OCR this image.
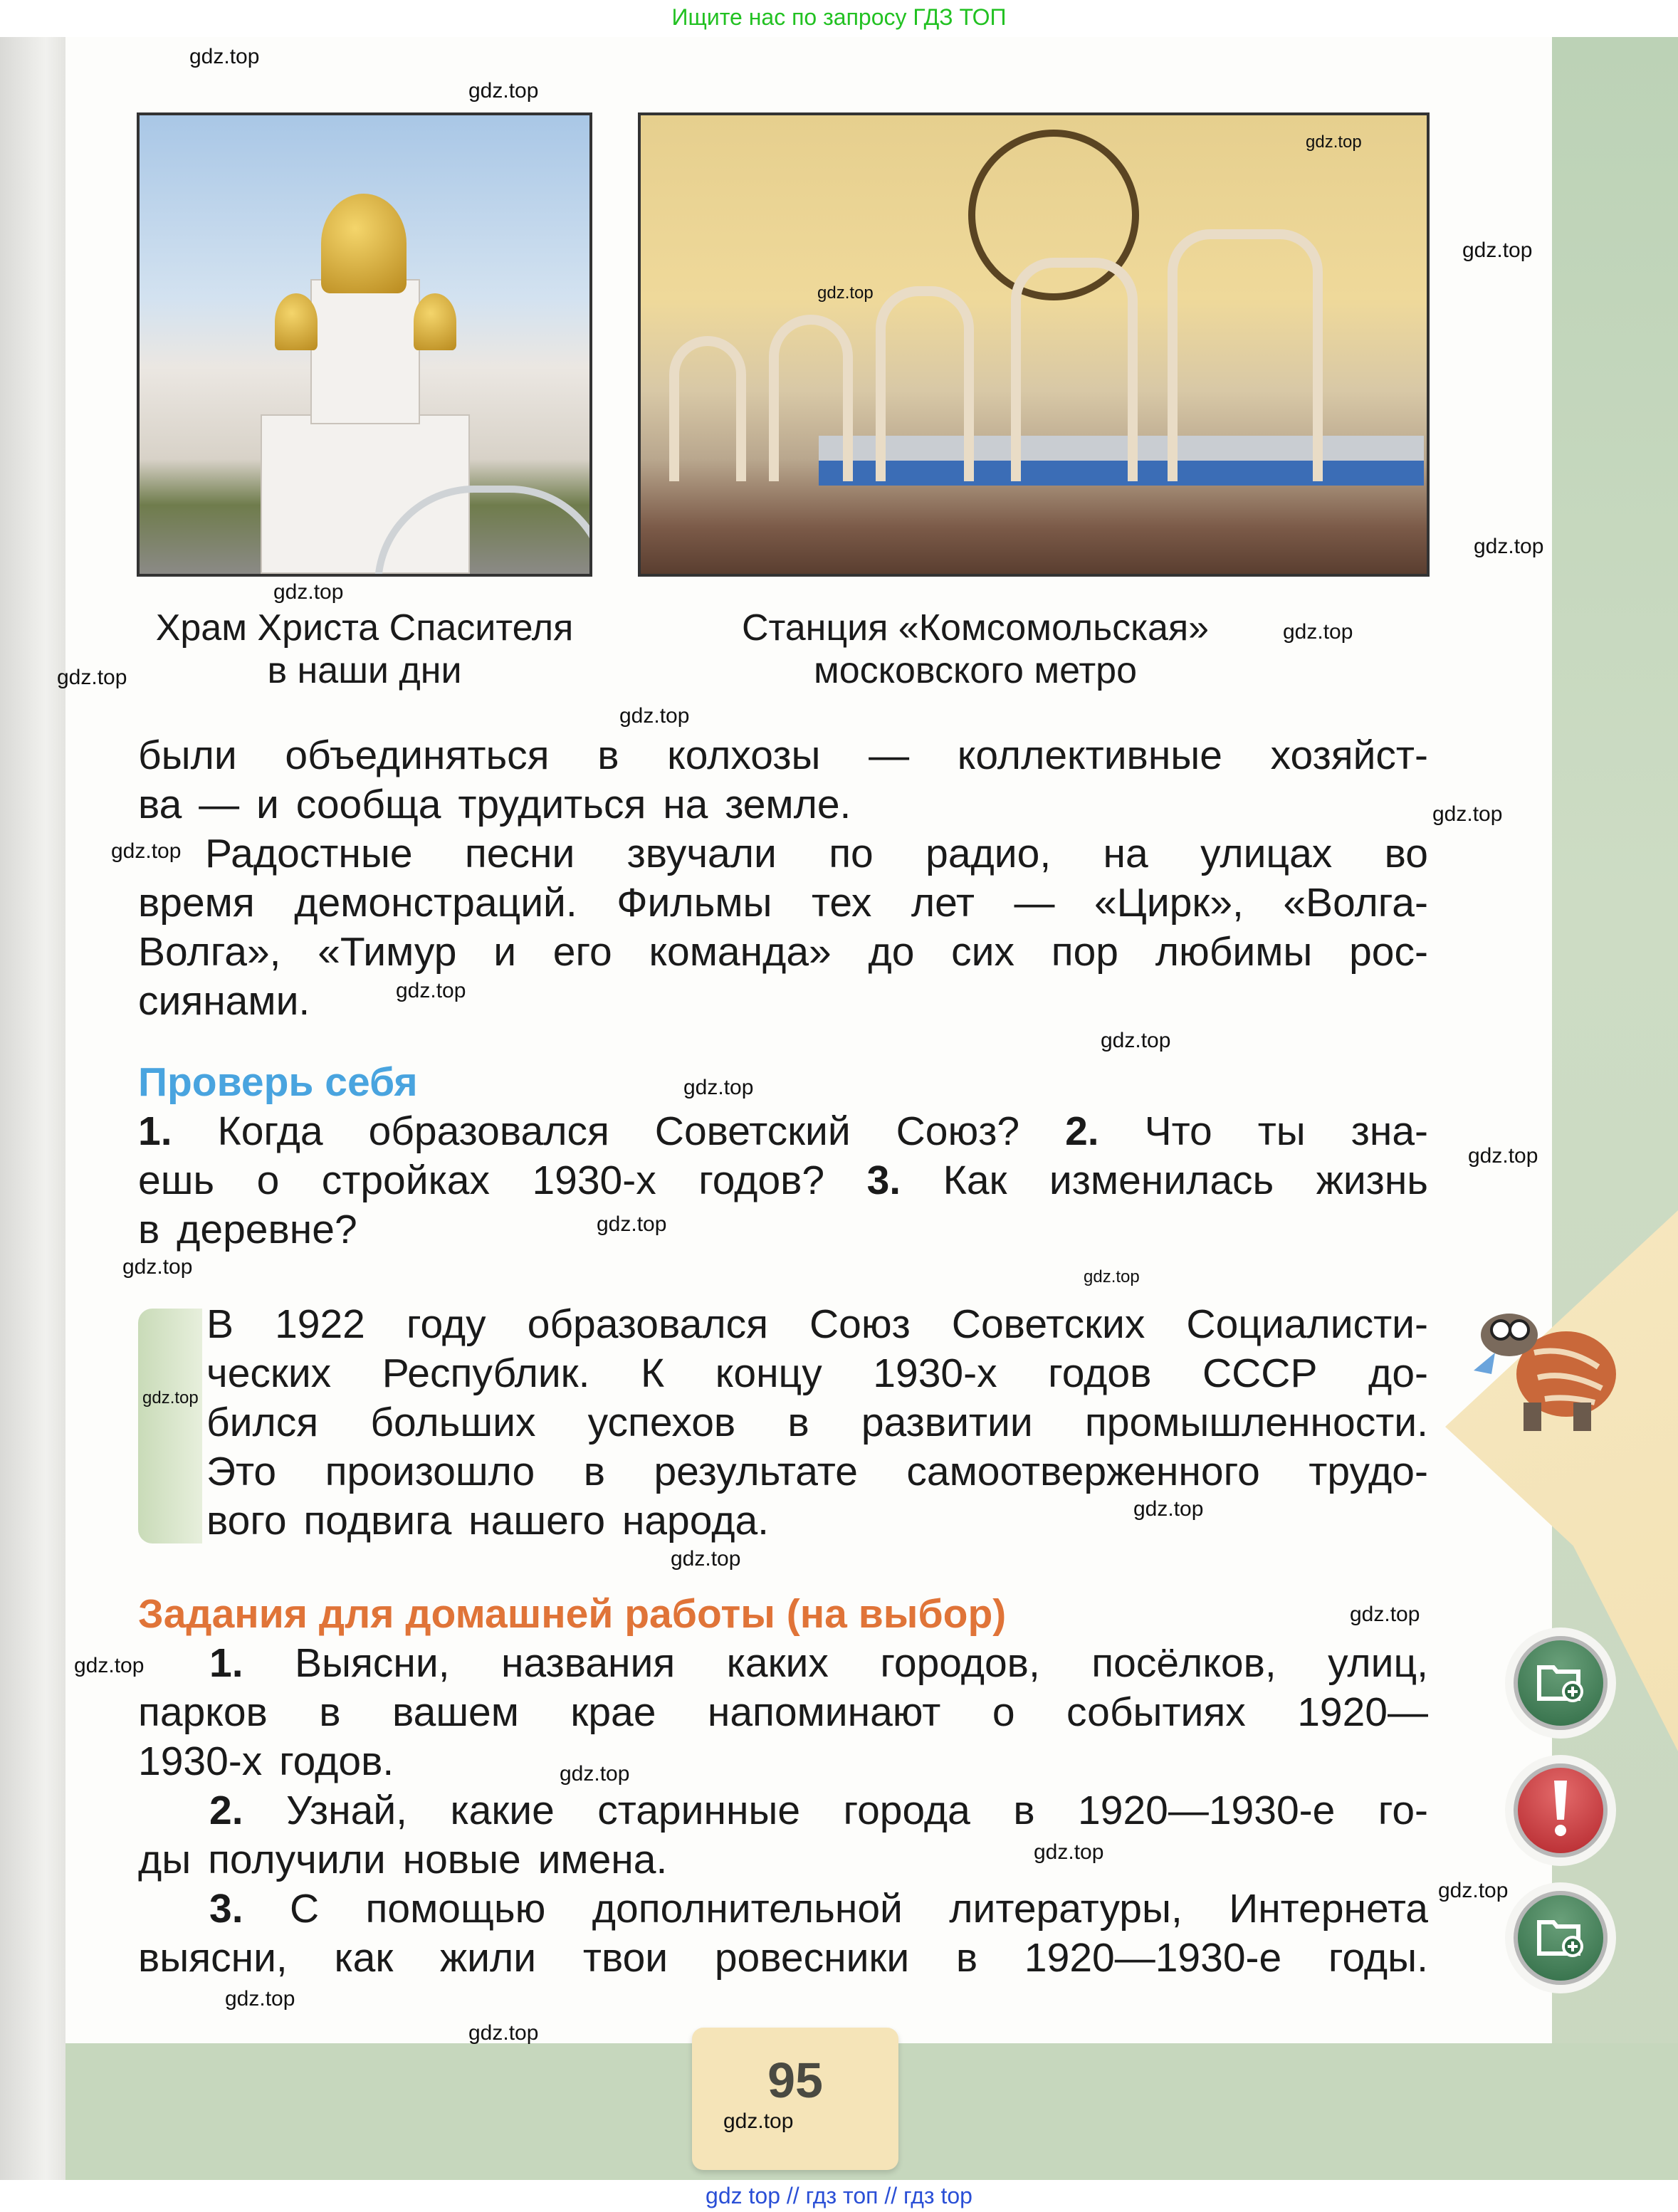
Ищите нас по запросу ГДЗ ТОП
Храм Христа Спасителя
в наши дни
Станция «Комсомольская»
московского метро
были объединяться в колхозы — коллективные хозяйст-
ва — и сообща трудиться на земле.
Радостные песни звучали по радио, на улицах во
время демонстраций. Фильмы тех лет — «Цирк», «Волга-
Волга», «Тимур и его команда» до сих пор любимы рос-
сиянами.
Проверь себя
1. Когда образовался Советский Союз? 2. Что ты зна-
ешь о стройках 1930-х годов? 3. Как изменилась жизнь
в деревне?
В 1922 году образовался Союз Советских Социалисти-
ческих Республик. К концу 1930-х годов СССР до-
бился больших успехов в развитии промышленности.
Это произошло в результате самоотверженного трудо-
вого подвига нашего народа.
Задания для домашней работы (на выбор)
1. Выясни, названия каких городов, посёлков, улиц,
парков в вашем крае напоминают о событиях 1920—
1930-х годов.
2. Узнай, какие старинные города в 1920—1930-е го-
ды получили новые имена.
3. С помощью дополнительной литературы, Интернета
выясни, как жили твои ровесники в 1920—1930-е годы.
95
gdz.top
gdz.top
gdz.top
gdz.top
gdz.top
gdz.top
gdz.top
gdz.top
gdz.top
gdz.top
gdz.top
gdz.top
gdz.top
gdz.top
gdz.top
gdz.top
gdz.top
gdz.top	gdz.top
gdz.top
gdz.top
gdz.top
gdz.top
gdz.top
gdz.top
gdz.top
gdz.top
gdz.top
gdz.top
gdz.top
gdz top // гдз топ // гдз top
